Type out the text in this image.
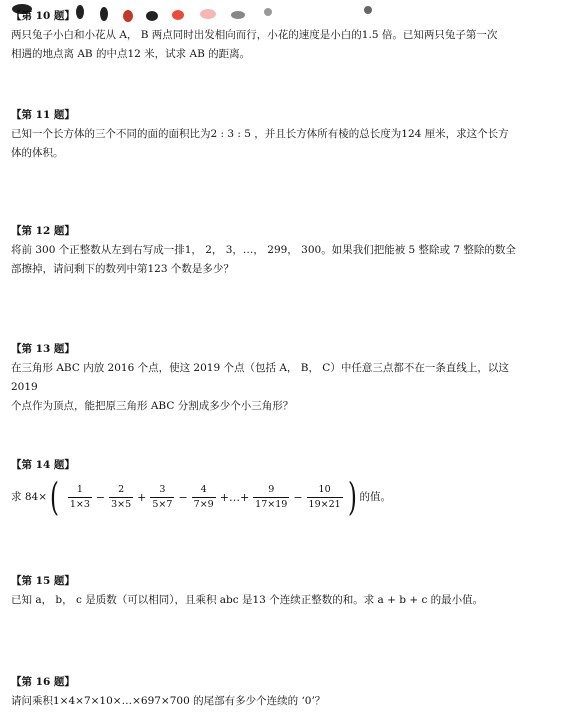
【第 10 题】

两只兔子小白和小花从 A， B 两点同时出发相向而行，小花的速度是小白的1.5 倍。已知两只兔子第一次

相遇的地点离 AB 的中点12 米，试求 AB 的距离。

【第 11 题】

已知一个长方体的三个不同的面的面积比为2 : 3 : 5 ，并且长方体所有棱的总长度为124 厘米，求这个长方

体的体积。

【第 12 题】

将前 300 个正整数从左到右写成一排1， 2， 3，…， 299， 300。如果我们把能被 5 整除或 7 整除的数全

部擦掉，请问剩下的数列中第123 个数是多少？

【第 13 题】

在三角形 ABC 内放 2016 个点，使这 2019 个点（包括 A， B， C）中任意三点都不在一条直线上，以这 2019

个点作为顶点，能把原三角形 ABC 分割成多少个小三角形？

【第 14 题】
求 84× ( $\frac{1}{1\times 3} - \frac{2}{3\times 5} + \frac{3}{5\times 7} - \frac{4}{7\times 9}$ +…+ $\frac{9}{17\times 19} - \frac{10}{19\times 21}$ ) 的值。
【第 15 题】

已知 a， b， c 是质数（可以相同），且乘积 abc 是13 个连续正整数的和。求 a + b + c 的最小值。

【第 16 题】

请问乘积1×4×7×10×…×697×700 的尾部有多少个连续的 ‘0’？
